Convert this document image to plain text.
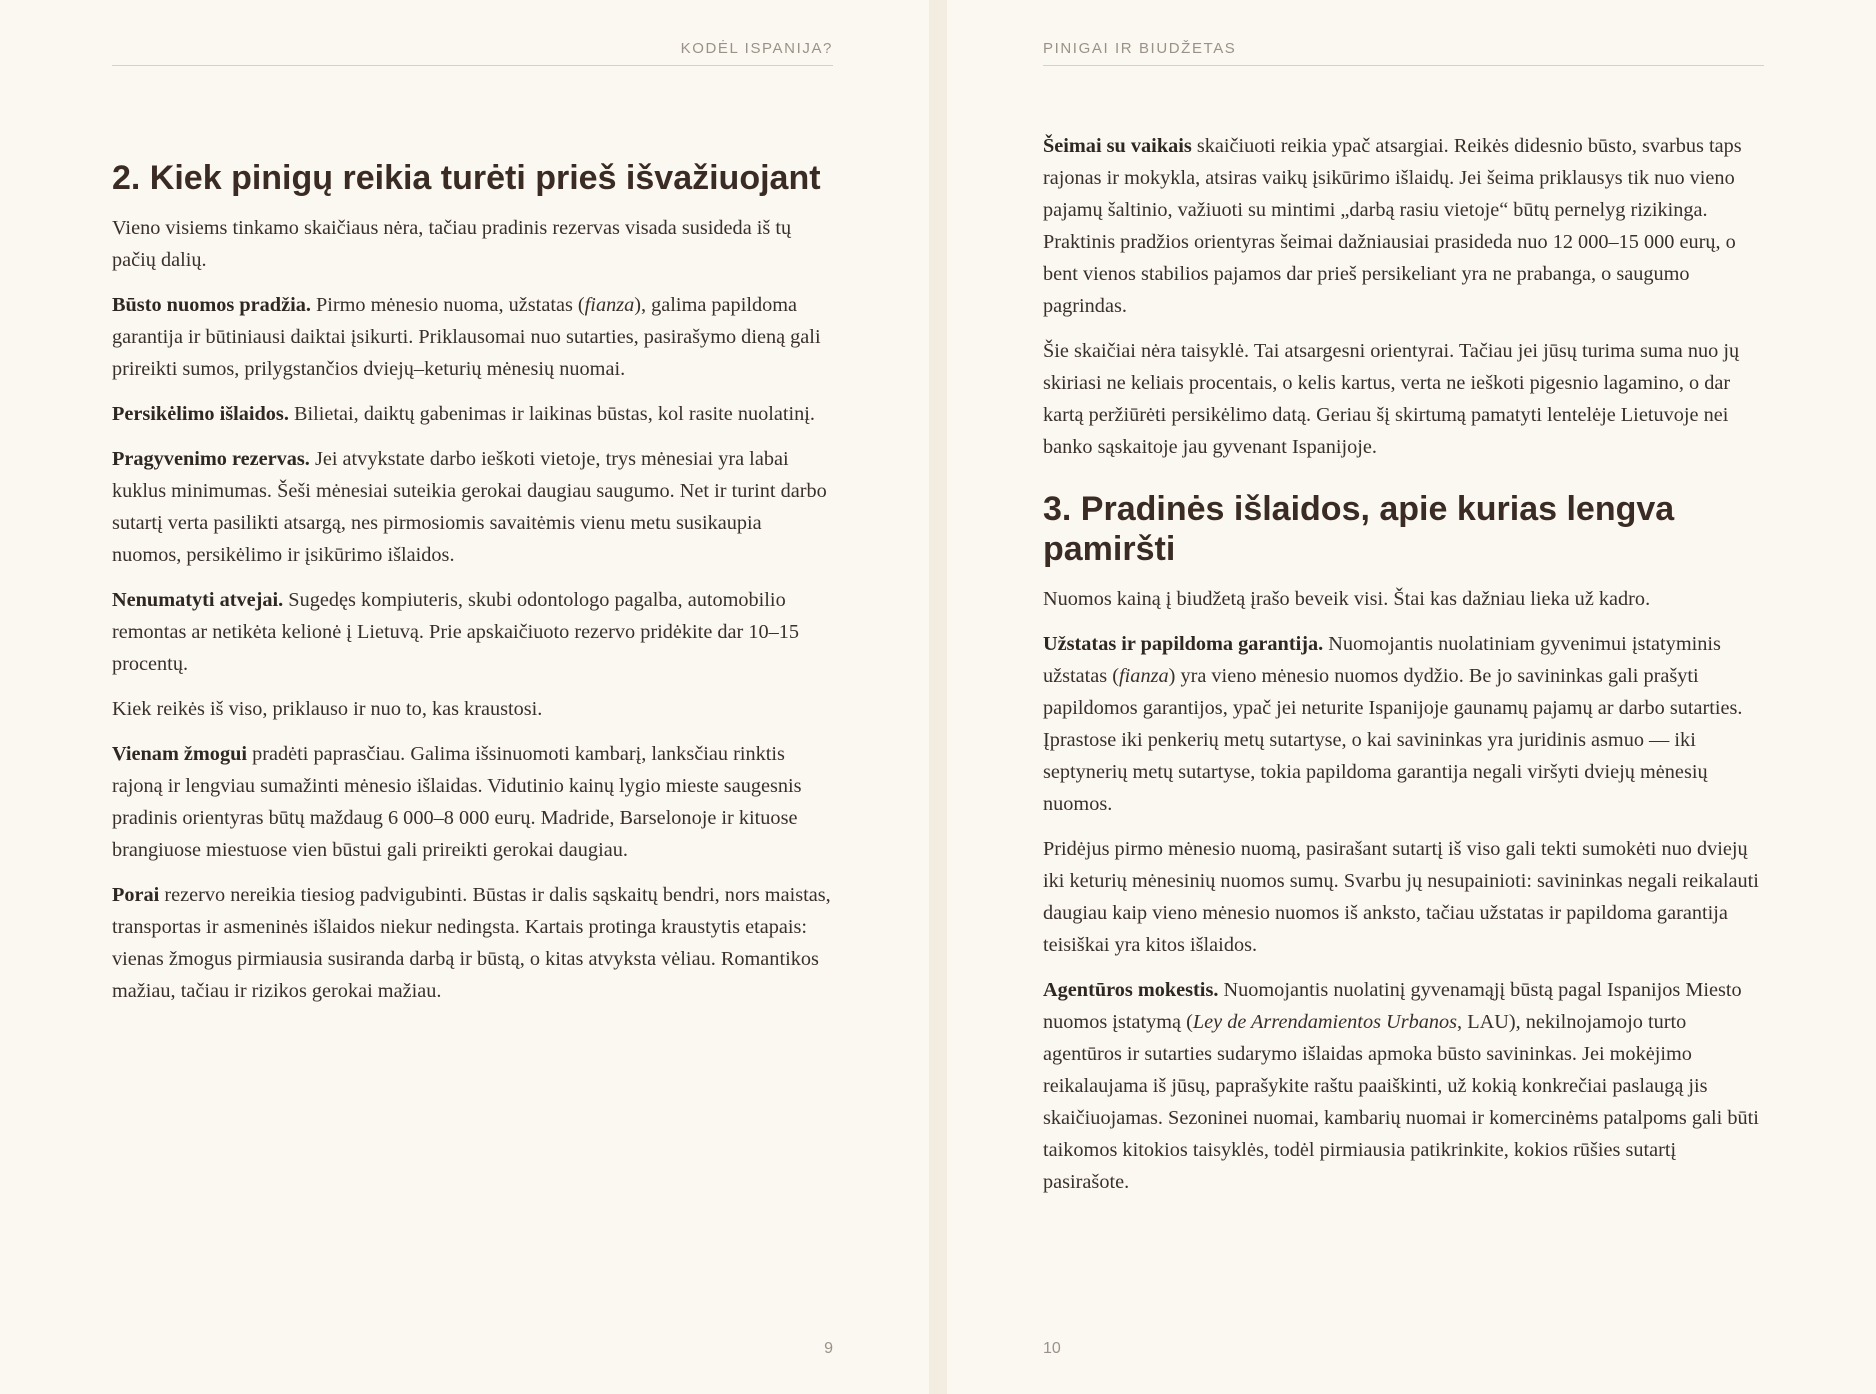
KODĖL ISPANIJA?
2. Kiek pinigų reikia turėti prieš išvažiuojant

Vieno visiems tinkamo skaičiaus nėra, tačiau pradinis rezervas visada susideda iš tų pačių dalių.

Būsto nuomos pradžia. Pirmo mėnesio nuoma, užstatas (fianza), galima papildoma garantija ir būtiniausi daiktai įsikurti. Priklausomai nuo sutarties, pasirašymo dieną gali prireikti sumos, prilygstančios dviejų–keturių mėnesių nuomai.

Persikėlimo išlaidos. Bilietai, daiktų gabenimas ir laikinas būstas, kol rasite nuolatinį.

Pragyvenimo rezervas. Jei atvykstate darbo ieškoti vietoje, trys mėnesiai yra labai kuklus minimumas. Šeši mėnesiai suteikia gerokai daugiau saugumo. Net ir turint darbo sutartį verta pasilikti atsargą, nes pirmosiomis savaitėmis vienu metu susikaupia nuomos, persikėlimo ir įsikūrimo išlaidos.

Nenumatyti atvejai. Sugedęs kompiuteris, skubi odontologo pagalba, automobilio remontas ar netikėta kelionė į Lietuvą. Prie apskaičiuoto rezervo pridėkite dar 10–15 procentų.

Kiek reikės iš viso, priklauso ir nuo to, kas kraustosi.

Vienam žmogui pradėti paprasčiau. Galima išsinuomoti kambarį, lanksčiau rinktis rajoną ir lengviau sumažinti mėnesio išlaidas. Vidutinio kainų lygio mieste saugesnis pradinis orientyras būtų maždaug 6 000–8 000 eurų. Madride, Barselonoje ir kituose brangiuose miestuose vien būstui gali prireikti gerokai daugiau.

Porai rezervo nereikia tiesiog padvigubinti. Būstas ir dalis sąskaitų bendri, nors maistas, transportas ir asmeninės išlaidos niekur nedingsta. Kartais protinga kraustytis etapais: vienas žmogus pirmiausia susiranda darbą ir būstą, o kitas atvyksta vėliau. Romantikos mažiau, tačiau ir rizikos gerokai mažiau.

9
PINIGAI IR BIUDŽETAS

Šeimai su vaikais skaičiuoti reikia ypač atsargiai. Reikės didesnio būsto, svarbus taps rajonas ir mokykla, atsiras vaikų įsikūrimo išlaidų. Jei šeima priklausys tik nuo vieno pajamų šaltinio, važiuoti su mintimi „darbą rasiu vietoje“ būtų pernelyg rizikinga. Praktinis pradžios orientyras šeimai dažniausiai prasideda nuo 12 000–15 000 eurų, o bent vienos stabilios pajamos dar prieš persikeliant yra ne prabanga, o saugumo pagrindas.

Šie skaičiai nėra taisyklė. Tai atsargesni orientyrai. Tačiau jei jūsų turima suma nuo jų skiriasi ne keliais procentais, o kelis kartus, verta ne ieškoti pigesnio lagamino, o dar kartą peržiūrėti persikėlimo datą. Geriau šį skirtumą pamatyti lentelėje Lietuvoje nei banko sąskaitoje jau gyvenant Ispanijoje.

3. Pradinės išlaidos, apie kurias lengva pamiršti

Nuomos kainą į biudžetą įrašo beveik visi. Štai kas dažniau lieka už kadro.

Užstatas ir papildoma garantija. Nuomojantis nuolatiniam gyvenimui įstatyminis užstatas (fianza) yra vieno mėnesio nuomos dydžio. Be jo savininkas gali prašyti papildomos garantijos, ypač jei neturite Ispanijoje gaunamų pajamų ar darbo sutarties. Įprastose iki penkerių metų sutartyse, o kai savininkas yra juridinis asmuo — iki septynerių metų sutartyse, tokia papildoma garantija negali viršyti dviejų mėnesių nuomos.

Pridėjus pirmo mėnesio nuomą, pasirašant sutartį iš viso gali tekti sumokėti nuo dviejų iki keturių mėnesinių nuomos sumų. Svarbu jų nesupainioti: savininkas negali reikalauti daugiau kaip vieno mėnesio nuomos iš anksto, tačiau užstatas ir papildoma garantija teisiškai yra kitos išlaidos.

Agentūros mokestis. Nuomojantis nuolatinį gyvenamąjį būstą pagal Ispanijos Miesto nuomos įstatymą (Ley de Arrendamientos Urbanos, LAU), nekilnojamojo turto agentūros ir sutarties sudarymo išlaidas apmoka būsto savininkas. Jei mokėjimo reikalaujama iš jūsų, paprašykite raštu paaiškinti, už kokią konkrečiai paslaugą jis skaičiuojamas. Sezoninei nuomai, kambarių nuomai ir komercinėms patalpoms gali būti taikomos kitokios taisyklės, todėl pirmiausia patikrinkite, kokios rūšies sutartį pasirašote.

10
